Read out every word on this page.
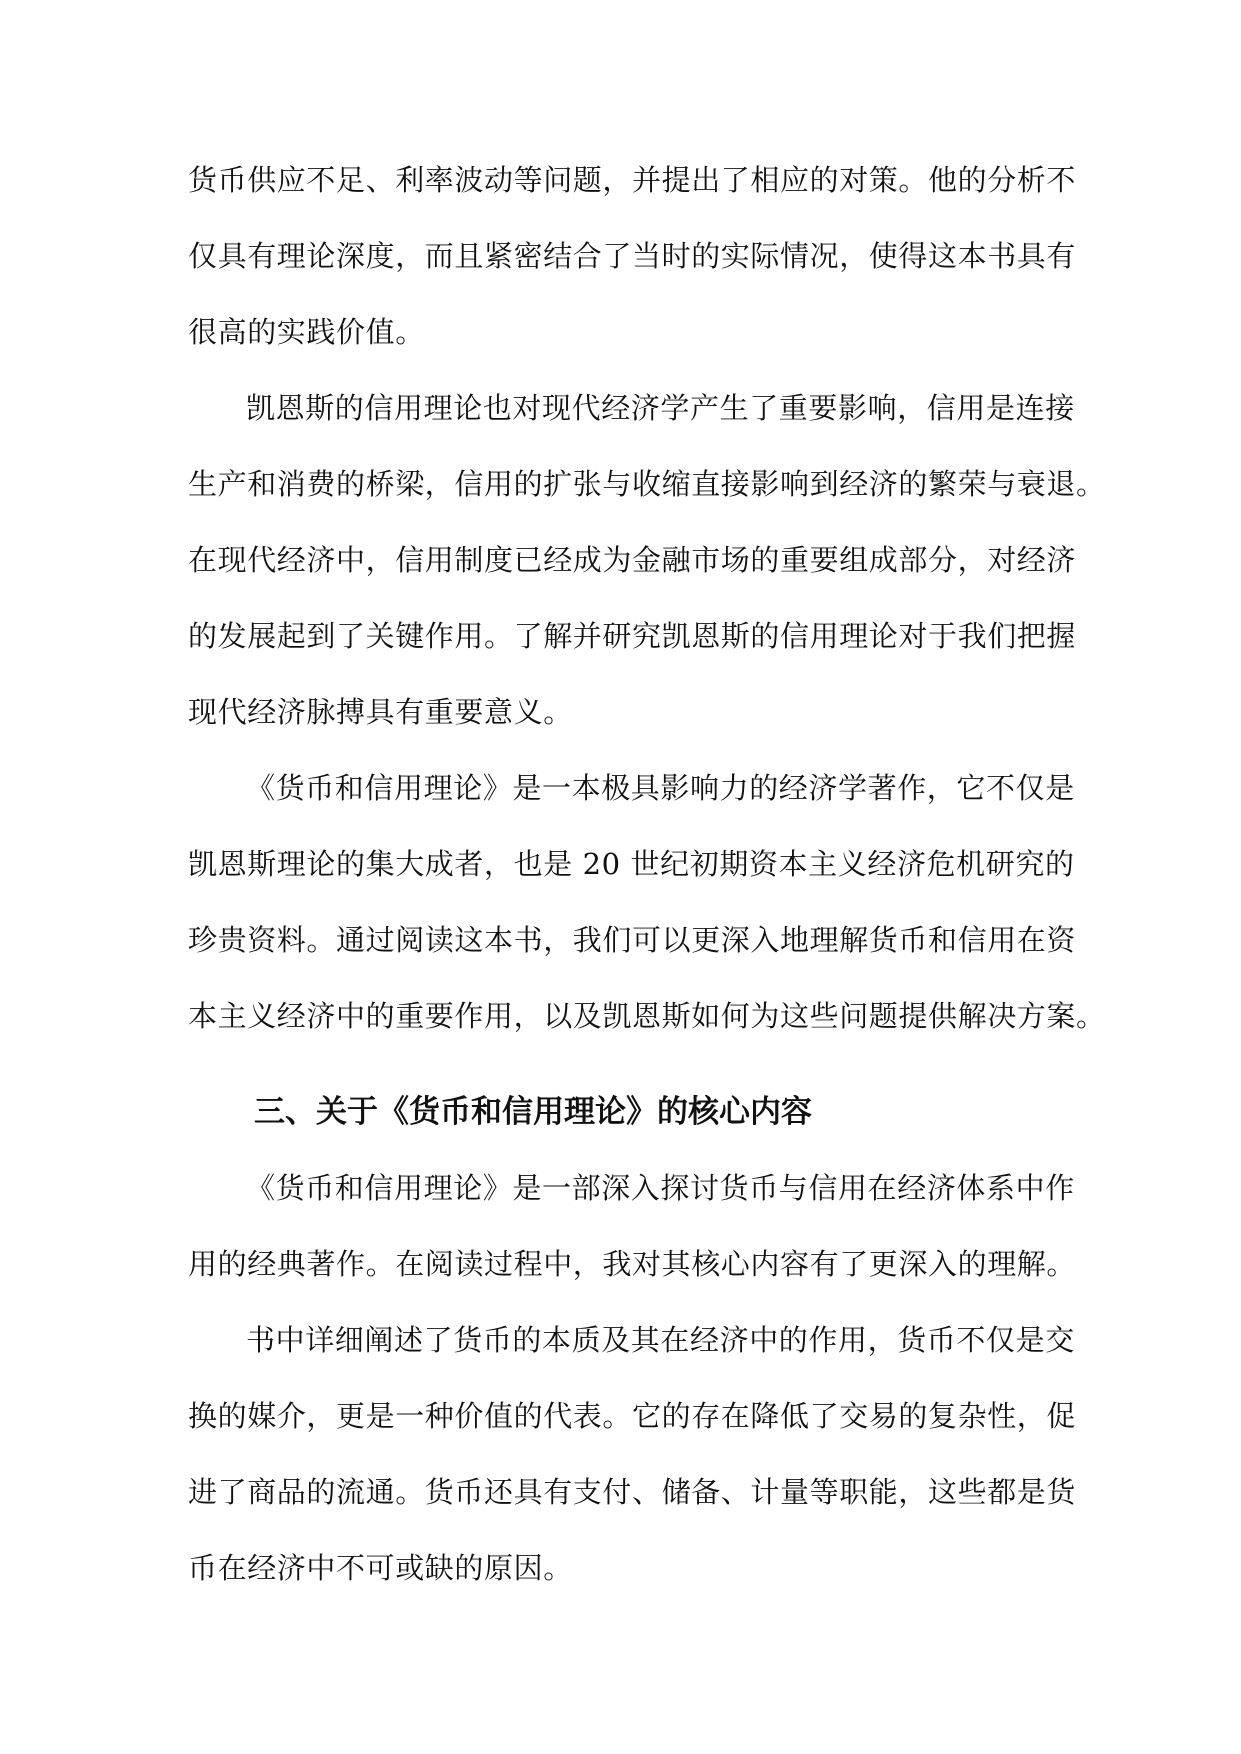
货币供应不足、利率波动等问题，并提出了相应的对策。他的分析不
仅具有理论深度，而且紧密结合了当时的实际情况，使得这本书具有
很高的实践价值。

凯恩斯的信用理论也对现代经济学产生了重要影响，信用是连接
生产和消费的桥梁，信用的扩张与收缩直接影响到经济的繁荣与衰退。
在现代经济中，信用制度已经成为金融市场的重要组成部分，对经济
的发展起到了关键作用。了解并研究凯恩斯的信用理论对于我们把握
现代经济脉搏具有重要意义。

《货币和信用理论》是一本极具影响力的经济学著作，它不仅是
凯恩斯理论的集大成者，也是 20 世纪初期资本主义经济危机研究的
珍贵资料。通过阅读这本书，我们可以更深入地理解货币和信用在资
本主义经济中的重要作用，以及凯恩斯如何为这些问题提供解决方案。

三、关于《货币和信用理论》的核心内容

《货币和信用理论》是一部深入探讨货币与信用在经济体系中作
用的经典著作。在阅读过程中，我对其核心内容有了更深入的理解。

书中详细阐述了货币的本质及其在经济中的作用，货币不仅是交
换的媒介，更是一种价值的代表。它的存在降低了交易的复杂性，促
进了商品的流通。货币还具有支付、储备、计量等职能，这些都是货
币在经济中不可或缺的原因。
